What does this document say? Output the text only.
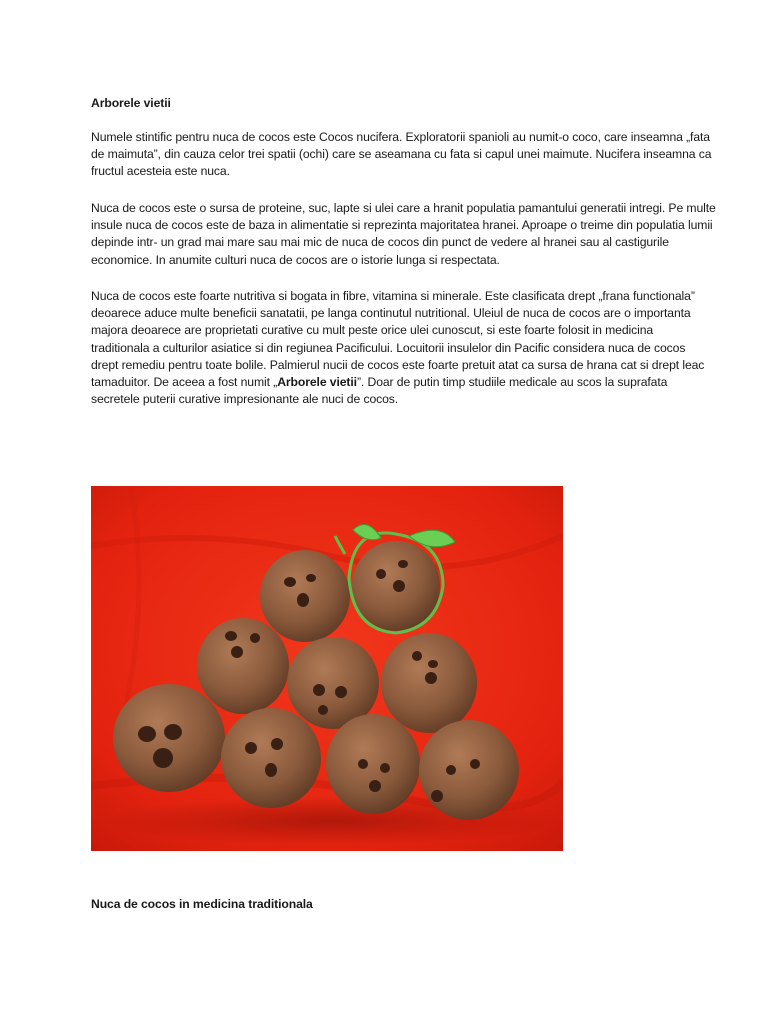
Arborele vietii

Numele stintific pentru nuca de cocos este Cocos nucifera. Exploratorii spanioli au numit-o coco, care inseamna „fata
de maimuta”, din cauza celor trei spatii (ochi) care se aseamana cu fata si capul unei maimute. Nucifera inseamna ca
fructul acesteia este nuca.

Nuca de cocos este o sursa de proteine, suc, lapte si ulei care a hranit populatia pamantului generatii intregi. Pe multe
insule nuca de cocos este de baza in alimentatie si reprezinta majoritatea hranei. Aproape o treime din populatia lumii
depinde intr- un grad mai mare sau mai mic de nuca de cocos din punct de vedere al hranei sau al castigurile
economice. In anumite culturi nuca de cocos are o istorie lunga si respectata.

Nuca de cocos este foarte nutritiva si bogata in fibre, vitamina si minerale. Este clasificata drept „frana functionala”
deoarece aduce multe beneficii sanatatii, pe langa continutul nutritional. Uleiul de nuca de cocos are o importanta
majora deoarece are proprietati curative cu mult peste orice ulei cunoscut, si este foarte folosit in medicina
traditionala a culturilor asiatice si din regiunea Pacificului. Locuitorii insulelor din Pacific considera nuca de cocos
drept remediu pentru toate bolile. Palmierul nucii de cocos este foarte pretuit atat ca sursa de hrana cat si drept leac
tamaduitor. De aceea a fost numit „Arborele vietii”. Doar de putin timp studiile medicale au scos la suprafata
secretele puterii curative impresionante ale nuci de cocos.

Nuca de cocos in medicina traditionala
